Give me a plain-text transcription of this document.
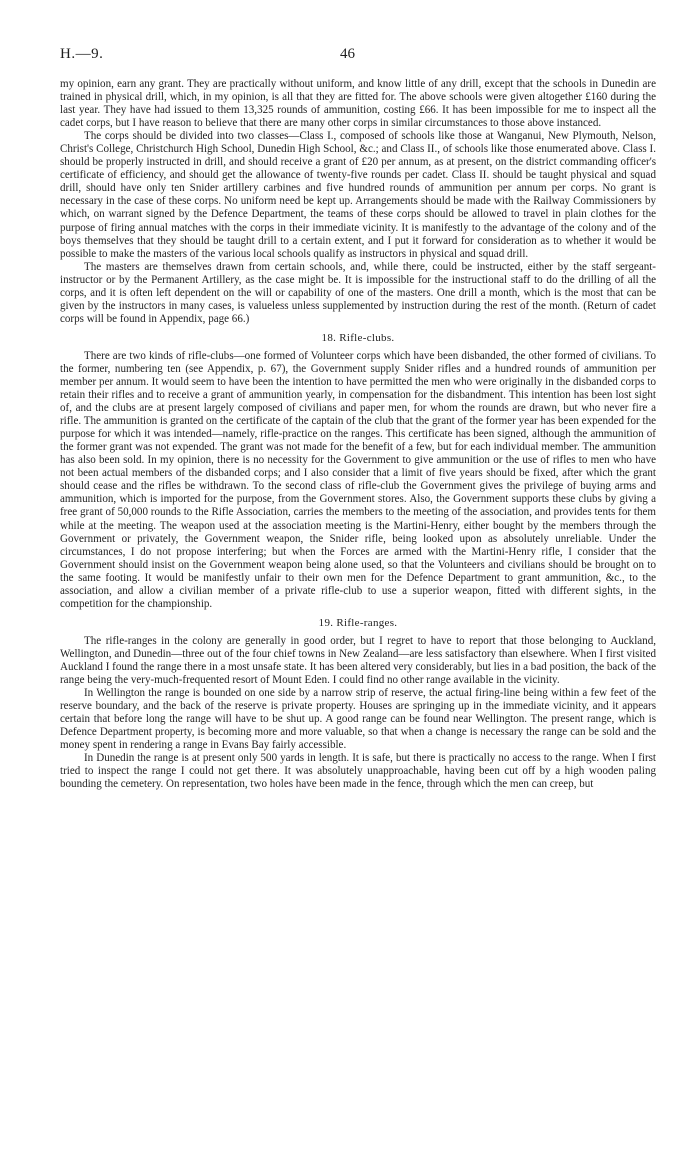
H.—9.	46

my opinion, earn any grant. They are practically without uniform, and know little of any drill, except that the schools in Dunedin are trained in physical drill, which, in my opinion, is all that they are fitted for. The above schools were given altogether £160 during the last year. They have had issued to them 13,325 rounds of ammunition, costing £66. It has been impossible for me to inspect all the cadet corps, but I have reason to believe that there are many other corps in similar circumstances to those above instanced.

The corps should be divided into two classes—Class I., composed of schools like those at Wanganui, New Plymouth, Nelson, Christ's College, Christchurch High School, Dunedin High School, &c.; and Class II., of schools like those enumerated above. Class I. should be properly instructed in drill, and should receive a grant of £20 per annum, as at present, on the district commanding officer's certificate of efficiency, and should get the allowance of twenty-five rounds per cadet. Class II. should be taught physical and squad drill, should have only ten Snider artillery carbines and five hundred rounds of ammunition per annum per corps. No grant is necessary in the case of these corps. No uniform need be kept up. Arrangements should be made with the Railway Commissioners by which, on warrant signed by the Defence Department, the teams of these corps should be allowed to travel in plain clothes for the purpose of firing annual matches with the corps in their immediate vicinity. It is manifestly to the advantage of the colony and of the boys themselves that they should be taught drill to a certain extent, and I put it forward for consideration as to whether it would be possible to make the masters of the various local schools qualify as instructors in physical and squad drill.

The masters are themselves drawn from certain schools, and, while there, could be instructed, either by the staff sergeant-instructor or by the Permanent Artillery, as the case might be. It is impossible for the instructional staff to do the drilling of all the corps, and it is often left dependent on the will or capability of one of the masters. One drill a month, which is the most that can be given by the instructors in many cases, is valueless unless supplemented by instruction during the rest of the month. (Return of cadet corps will be found in Appendix, page 66.)

18. Rifle-clubs.

There are two kinds of rifle-clubs—one formed of Volunteer corps which have been disbanded, the other formed of civilians. To the former, numbering ten (see Appendix, p. 67), the Government supply Snider rifles and a hundred rounds of ammunition per member per annum. It would seem to have been the intention to have permitted the men who were originally in the disbanded corps to retain their rifles and to receive a grant of ammunition yearly, in compensation for the disbandment. This intention has been lost sight of, and the clubs are at present largely composed of civilians and paper men, for whom the rounds are drawn, but who never fire a rifle. The ammunition is granted on the certificate of the captain of the club that the grant of the former year has been expended for the purpose for which it was intended—namely, rifle-practice on the ranges. This certificate has been signed, although the ammunition of the former grant was not expended. The grant was not made for the benefit of a few, but for each individual member. The ammunition has also been sold. In my opinion, there is no necessity for the Government to give ammunition or the use of rifles to men who have not been actual members of the disbanded corps; and I also consider that a limit of five years should be fixed, after which the grant should cease and the rifles be withdrawn. To the second class of rifle-club the Government gives the privilege of buying arms and ammunition, which is imported for the purpose, from the Government stores. Also, the Government supports these clubs by giving a free grant of 50,000 rounds to the Rifle Association, carries the members to the meeting of the association, and provides tents for them while at the meeting. The weapon used at the association meeting is the Martini-Henry, either bought by the members through the Government or privately, the Government weapon, the Snider rifle, being looked upon as absolutely unreliable. Under the circumstances, I do not propose interfering; but when the Forces are armed with the Martini-Henry rifle, I consider that the Government should insist on the Government weapon being alone used, so that the Volunteers and civilians should be brought on to the same footing. It would be manifestly unfair to their own men for the Defence Department to grant ammunition, &c., to the association, and allow a civilian member of a private rifle-club to use a superior weapon, fitted with different sights, in the competition for the championship.

19. Rifle-ranges.

The rifle-ranges in the colony are generally in good order, but I regret to have to report that those belonging to Auckland, Wellington, and Dunedin—three out of the four chief towns in New Zealand—are less satisfactory than elsewhere. When I first visited Auckland I found the range there in a most unsafe state. It has been altered very considerably, but lies in a bad position, the back of the range being the very-much-frequented resort of Mount Eden. I could find no other range available in the vicinity.

In Wellington the range is bounded on one side by a narrow strip of reserve, the actual firing-line being within a few feet of the reserve boundary, and the back of the reserve is private property. Houses are springing up in the immediate vicinity, and it appears certain that before long the range will have to be shut up. A good range can be found near Wellington. The present range, which is Defence Department property, is becoming more and more valuable, so that when a change is necessary the range can be sold and the money spent in rendering a range in Evans Bay fairly accessible.

In Dunedin the range is at present only 500 yards in length. It is safe, but there is practically no access to the range. When I first tried to inspect the range I could not get there. It was absolutely unapproachable, having been cut off by a high wooden paling bounding the cemetery. On representation, two holes have been made in the fence, through which the men can creep, but
